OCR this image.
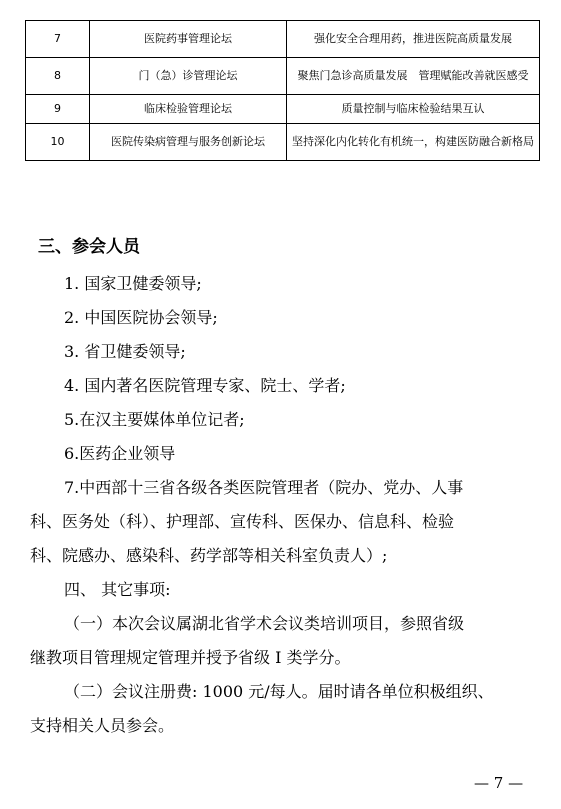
7	医院药事管理论坛	强化安全合理用药，推进医院高质量发展
8	门（急）诊管理论坛	聚焦门急诊高质量发展　管理赋能改善就医感受
9	临床检验管理论坛	质量控制与临床检验结果互认
10	医院传染病管理与服务创新论坛	坚持深化内化转化有机统一，构建医防融合新格局
三、参会人员
1. 国家卫健委领导;
2. 中国医院协会领导;
3. 省卫健委领导;
4. 国内著名医院管理专家、院士、学者;
5.在汉主要媒体单位记者;
6.医药企业领导
7.中西部十三省各级各类医院管理者（院办、党办、人事
科、医务处（科）、护理部、宣传科、医保办、信息科、检验
科、院感办、感染科、药学部等相关科室负责人）;
四、 其它事项:
（一）本次会议属湖北省学术会议类培训项目，参照省级
继教项目管理规定管理并授予省级 I 类学分。
（二）会议注册费: 1000 元/每人。届时请各单位积极组织、
支持相关人员参会。
— 7 —
